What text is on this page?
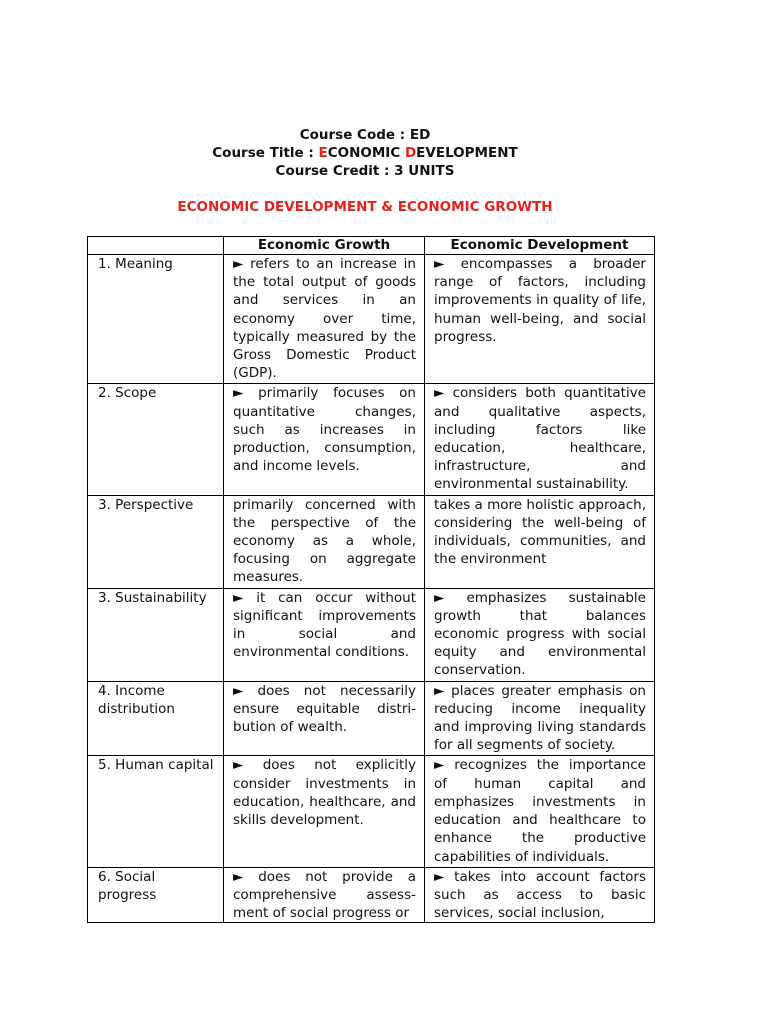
Course Code : ED
Course Title : ECONOMIC DEVELOPMENT
Course Credit : 3 UNITS
ECONOMIC DEVELOPMENT & ECONOMIC GROWTH
	Economic Growth	Economic Development
1. Meaning	► refers to an increase in the total output of goods and services in an economy over time, typically measured by the Gross Domestic Product (GDP).	► encompasses a broader range of factors, including improvements in quality of life, human well-being, and social progress.
2. Scope	► primarily focuses on quantitative changes, such as increases in production, consumption, and income levels.	► considers both quantitative and qualitative aspects, including factors like education, healthcare, infrastructure, and environmental sustainability.
3. Perspective	primarily concerned with the perspective of the economy as a whole, focusing on aggregate measures.	takes a more holistic approach, considering the well-being of individuals, communities, and the environment
3. Sustainability	► it can occur without significant improvements in social and environmental conditions.	► emphasizes sustainable growth that balances economic progress with social equity and environmental conservation.
4. Income distribution	► does not necessarily ensure equitable distri-bution of wealth.	► places greater emphasis on reducing income inequality and improving living standards for all segments of society.
5. Human capital	► does not explicitly consider investments in education, healthcare, and skills development.	► recognizes the importance of human capital and emphasizes investments in education and healthcare to enhance the productive capabilities of individuals.

6. Social progress	► does not provide a comprehensive assess-ment of social progress or	► takes into account factors such as access to basic services, social inclusion,
